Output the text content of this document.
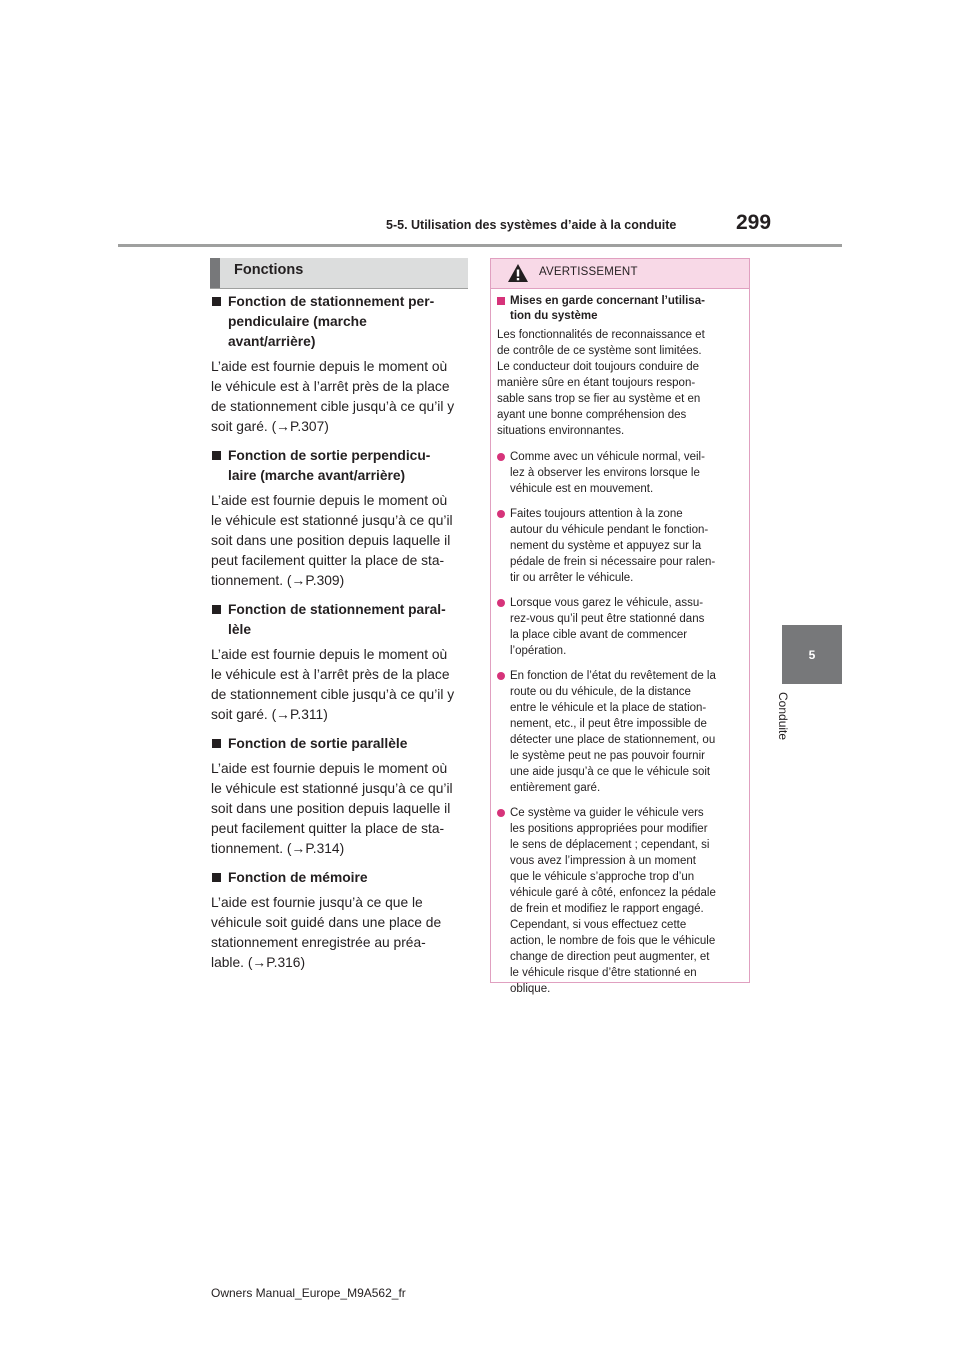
5-5. Utilisation des systèmes d’aide à la conduite	299
5
Conduite
Fonctions
Fonction de stationnement per-
pendiculaire (marche
avant/arrière)
L’aide est fournie depuis le moment où
le véhicule est à l’arrêt près de la place
de stationnement cible jusqu’à ce qu’il y
soit garé. (→P.307)
Fonction de sortie perpendicu-
laire (marche avant/arrière)
L’aide est fournie depuis le moment où
le véhicule est stationné jusqu’à ce qu’il
soit dans une position depuis laquelle il
peut facilement quitter la place de sta-
tionnement. (→P.309)
Fonction de stationnement paral-
lèle
L’aide est fournie depuis le moment où
le véhicule est à l’arrêt près de la place
de stationnement cible jusqu’à ce qu’il y
soit garé. (→P.311)
Fonction de sortie parallèle
L’aide est fournie depuis le moment où
le véhicule est stationné jusqu’à ce qu’il
soit dans une position depuis laquelle il
peut facilement quitter la place de sta-
tionnement. (→P.314)
Fonction de mémoire
L’aide est fournie jusqu’à ce que le
véhicule soit guidé dans une place de
stationnement enregistrée au préa-
lable. (→P.316)
AVERTISSEMENT
Mises en garde concernant l’utilisa-
tion du système
Les fonctionnalités de reconnaissance et
de contrôle de ce système sont limitées.
Le conducteur doit toujours conduire de
manière sûre en étant toujours respon-
sable sans trop se fier au système et en
ayant une bonne compréhension des
situations environnantes.
Comme avec un véhicule normal, veil-
lez à observer les environs lorsque le
véhicule est en mouvement.
Faites toujours attention à la zone
autour du véhicule pendant le fonction-
nement du système et appuyez sur la
pédale de frein si nécessaire pour ralen-
tir ou arrêter le véhicule.
Lorsque vous garez le véhicule, assu-
rez-vous qu’il peut être stationné dans
la place cible avant de commencer
l’opération.
En fonction de l’état du revêtement de la
route ou du véhicule, de la distance
entre le véhicule et la place de station-
nement, etc., il peut être impossible de
détecter une place de stationnement, ou
le système peut ne pas pouvoir fournir
une aide jusqu’à ce que le véhicule soit
entièrement garé.
Ce système va guider le véhicule vers
les positions appropriées pour modifier
le sens de déplacement ; cependant, si
vous avez l’impression à un moment
que le véhicule s’approche trop d’un
véhicule garé à côté, enfoncez la pédale
de frein et modifiez le rapport engagé.
Cependant, si vous effectuez cette
action, le nombre de fois que le véhicule
change de direction peut augmenter, et
le véhicule risque d’être stationné en
oblique.
Owners Manual_Europe_M9A562_fr
